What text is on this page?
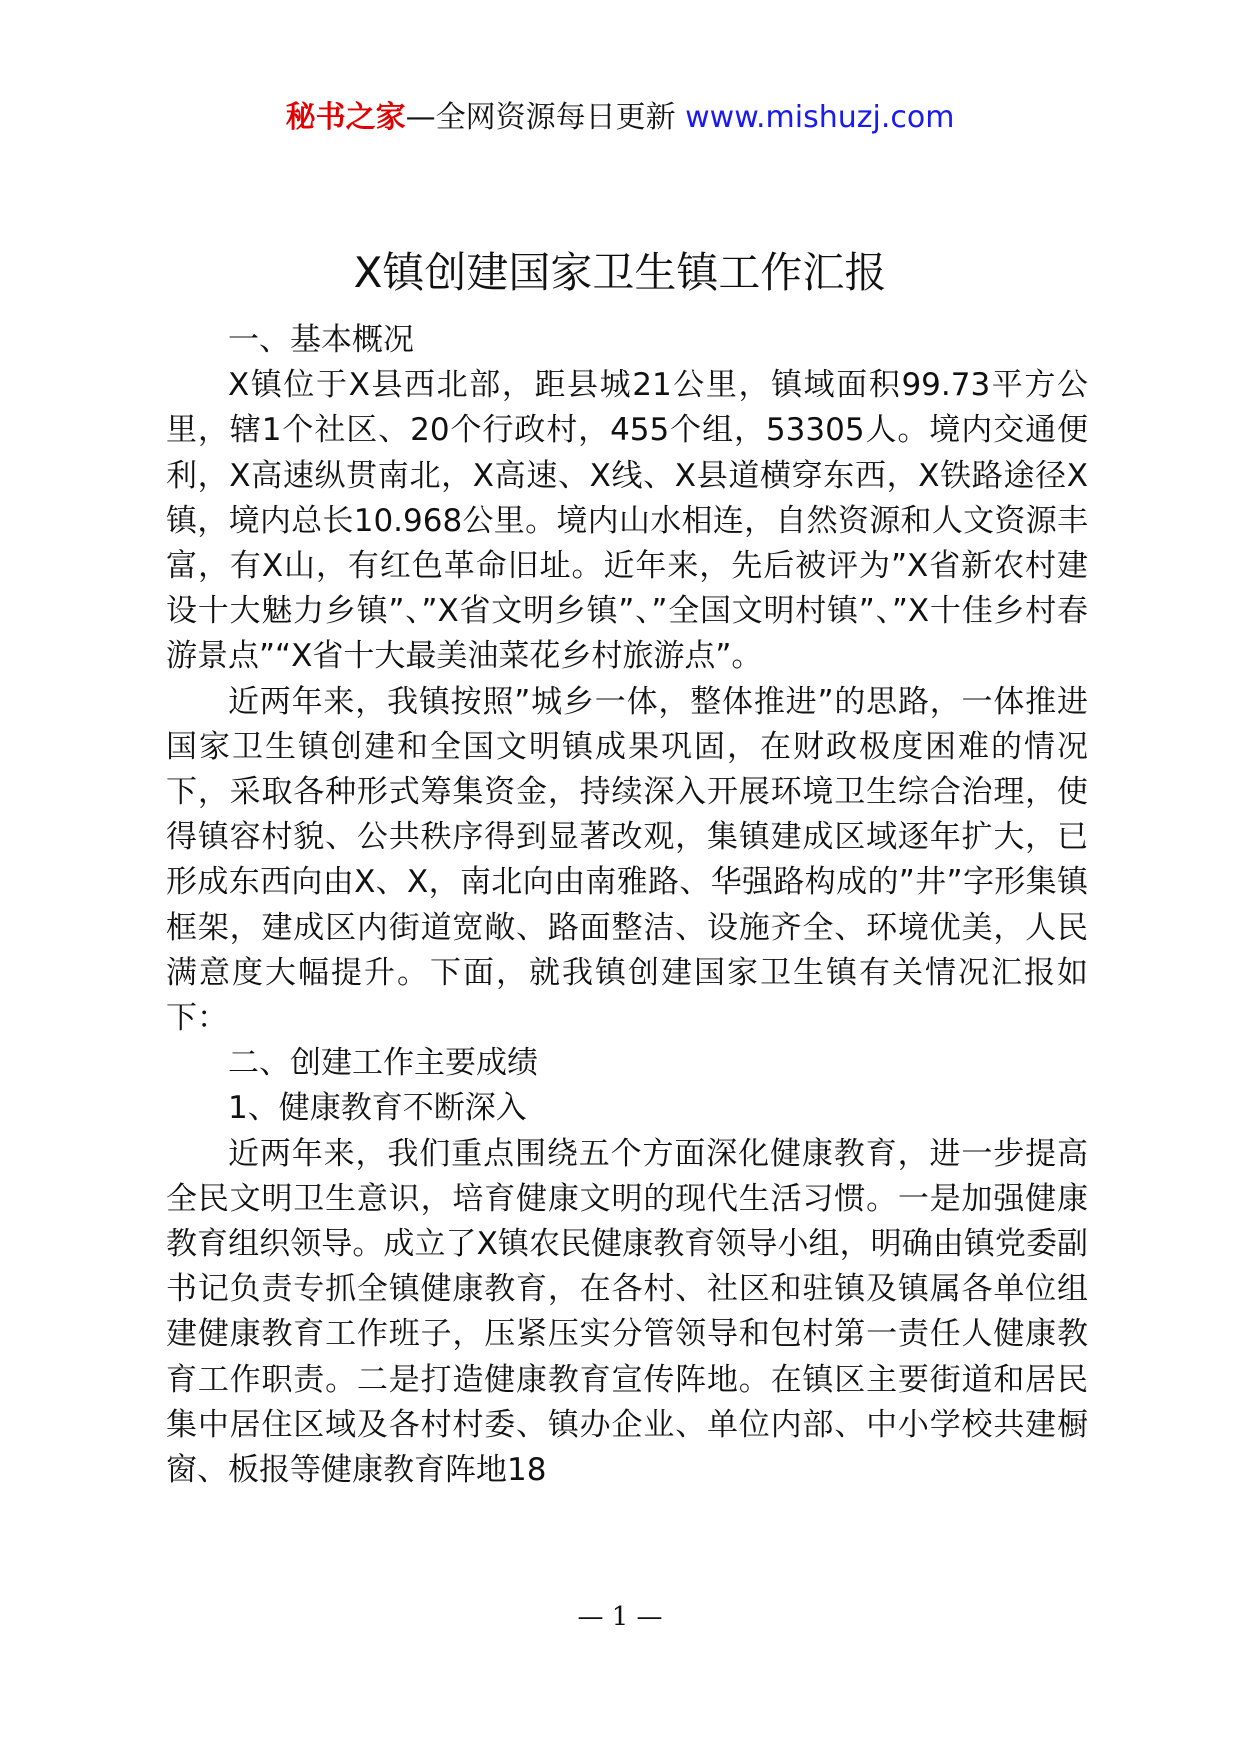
秘书之家—全网资源每日更新 www.mishuzj.com
X镇创建国家卫生镇工作汇报

一、基本概况

X镇位于X县西北部，距县城21公里，镇域面积99.73平方公里，辖1个社区、20个行政村，455个组，53305人。境内交通便利，X高速纵贯南北，X高速、X线、X县道横穿东西，X铁路途径X镇，境内总长10.968公里。境内山水相连，自然资源和人文资源丰富，有X山，有红色革命旧址。近年来，先后被评为”X省新农村建设十大魅力乡镇”、”X省文明乡镇”、”全国文明村镇”、”X十佳乡村春游景点”“X省十大最美油菜花乡村旅游点”。

近两年来，我镇按照”城乡一体，整体推进”的思路，一体推进国家卫生镇创建和全国文明镇成果巩固，在财政极度困难的情况下，采取各种形式筹集资金，持续深入开展环境卫生综合治理，使得镇容村貌、公共秩序得到显著改观，集镇建成区域逐年扩大，已形成东西向由X、X，南北向由南雅路、华强路构成的”井”字形集镇框架，建成区内街道宽敞、路面整洁、设施齐全、环境优美，人民满意度大幅提升。下面，就我镇创建国家卫生镇有关情况汇报如下：

二、创建工作主要成绩

1、健康教育不断深入

近两年来，我们重点围绕五个方面深化健康教育，进一步提高全民文明卫生意识，培育健康文明的现代生活习惯。一是加强健康教育组织领导。成立了X镇农民健康教育领导小组，明确由镇党委副书记负责专抓全镇健康教育，在各村、社区和驻镇及镇属各单位组建健康教育工作班子，压紧压实分管领导和包村第一责任人健康教育工作职责。二是打造健康教育宣传阵地。在镇区主要街道和居民集中居住区域及各村村委、镇办企业、单位内部、中小学校共建橱窗、板报等健康教育阵地18

— 1 —
